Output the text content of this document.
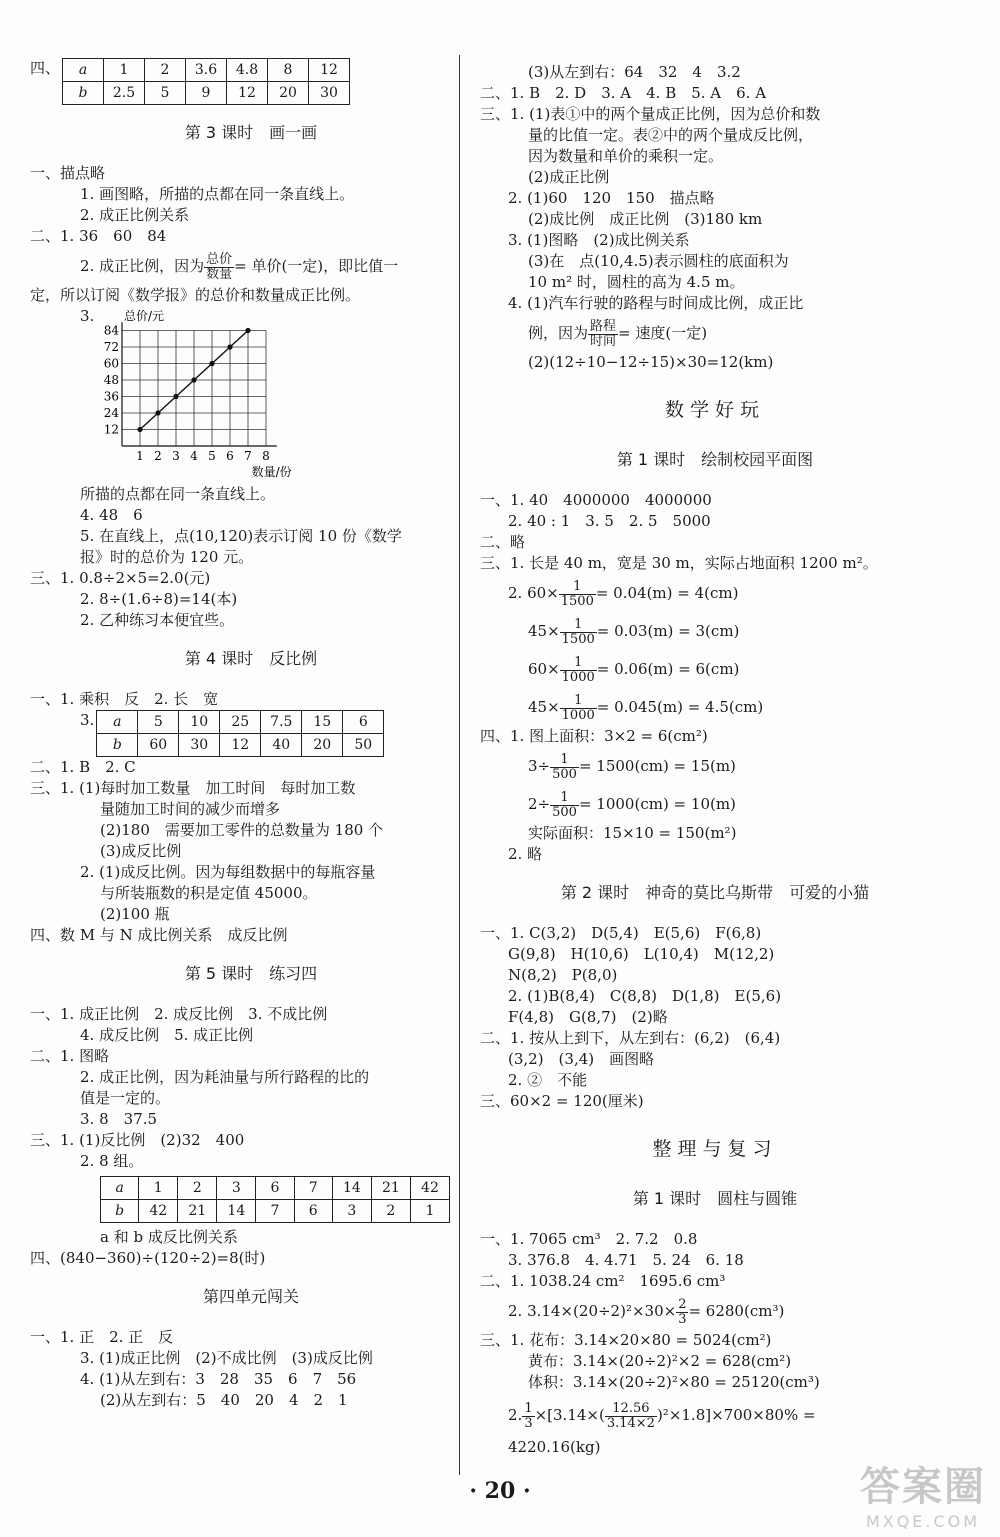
四、 a	1	2	3.6	4.8	8	12
b	2.5	5	9	12	20	30
第 3 课时　画一画
一、描点略
1. 画图略，所描的点都在同一条直线上。
2. 成正比例关系
二、1. 36　60　84
2. 成正比例，因为 $\frac{\text{总价}}{\text{数量}}$ = 单价(一定)，即比值一
定，所以订阅《数学报》的总价和数量成正比例。
3.
1 2 3 4 5 6 7 8
12
24
36
48
60
72
84
总价/元
数量/份
所描的点都在同一条直线上。
4. 48　6
5. 在直线上，点(10,120)表示订阅 10 份《数学
报》时的总价为 120 元。
三、1. 0.8÷2×5=2.0(元)
2. 8÷(1.6÷8)=14(本)
2. 乙种练习本便宜些。
第 4 课时　反比例
一、1. 乘积　反　2. 长　宽
3. a	5	10	25	7.5	15	6
b	60	30	12	40	20	50
二、1. B　2. C
三、1. (1)每时加工数量　加工时间　每时加工数
量随加工时间的减少而增多
(2)180　需要加工零件的总数量为 180 个
(3)成反比例
2. (1)成反比例。因为每组数据中的每瓶容量
与所装瓶数的积是定值 45000。
(2)100 瓶
四、数 M 与 N 成比例关系　成反比例
第 5 课时　练习四
一、1. 成正比例　2. 成反比例　3. 不成比例
4. 成反比例　5. 成正比例
二、1. 图略
2. 成正比例，因为耗油量与所行路程的比的
值是一定的。
3. 8　37.5
三、1. (1)反比例　(2)32　400
2. 8 组。
a	1	2	3	6	7	14	21	42
b	42	21	14	7	6	3	2	1
a 和 b 成反比例关系
四、(840−360)÷(120÷2)=8(时)
第四单元闯关
一、1. 正　2. 正　反
3. (1)成正比例　(2)不成比例　(3)成反比例
4. (1)从左到右：3　28　35　6　7　56
(2)从左到右：5　40　20　4　2　1
(3)从左到右：64　32　4　3.2
二、1. B　2. D　3. A　4. B　5. A　6. A
三、1. (1)表①中的两个量成正比例，因为总价和数
量的比值一定。表②中的两个量成反比例，
因为数量和单价的乘积一定。
(2)成正比例
2. (1)60　120　150　描点略
(2)成比例　成正比例　(3)180 km
3. (1)图略　(2)成比例关系
(3)在　点(10,4.5)表示圆柱的底面积为
10 m² 时，圆柱的高为 4.5 m。
4. (1)汽车行驶的路程与时间成比例，成正比
例，因为 $\frac{\text{路程}}{\text{时间}}$ = 速度(一定)
(2)(12÷10−12÷15)×30=12(km)
数学好玩
第 1 课时　绘制校园平面图
一、1. 40　4000000　4000000
2. 40 : 1　3. 5　2. 5　5000
二、略
三、1. 长是 40 m，宽是 30 m，实际占地面积 1200 m²。
2. $60\times \frac{1}{1500} = 0.04(m) = 4(cm)$
$45\times \frac{1}{1500} = 0.03(m) = 3(cm)$
$60\times \frac{1}{1000} = 0.06(m) = 6(cm)$
$45\times \frac{1}{1000} = 0.045(m) = 4.5(cm)$
四、1. 图上面积：3×2 = 6(cm²)
$3\div \frac{1}{500} = 1500(cm) = 15(m)$
$2\div \frac{1}{500} = 1000(cm) = 10(m)$
实际面积：15×10 = 150(m²)
2. 略
第 2 课时　神奇的莫比乌斯带　可爱的小猫
一、1. C(3,2)　D(5,4)　E(5,6)　F(6,8)
G(9,8)　H(10,6)　L(10,4)　M(12,2)
N(8,2)　P(8,0)
2. (1)B(8,4)　C(8,8)　D(1,8)　E(5,6)
F(4,8)　G(8,7)　(2)略
二、1. 按从上到下，从左到右：(6,2)　(6,4)
(3,2)　(3,4)　画图略
2. ②　不能
三、60×2 = 120(厘米)
整理与复习
第 1 课时　圆柱与圆锥
一、1. 7065 cm³　2. 7.2　0.8
3. 376.8　4. 4.71　5. 24　6. 18
二、1. 1038.24 cm²　1695.6 cm³
2. $3.14\times(20\div 2)^2\times 30\times \frac{2}{3} = 6280(cm^3)$
三、1. 花布：3.14×20×80 = 5024(cm²)
黄布：3.14×(20÷2)²×2 = 628(cm²)
体积：3.14×(20÷2)²×80 = 25120(cm³)
2. $\frac{1}{3} \times[3.14\times( \frac{12.56}{3.14\times 2} )^2\times 1.8]\times 700\times 80\%$ =
4220.16(kg)
· 20 ·	答案圈
MXQE.COM
